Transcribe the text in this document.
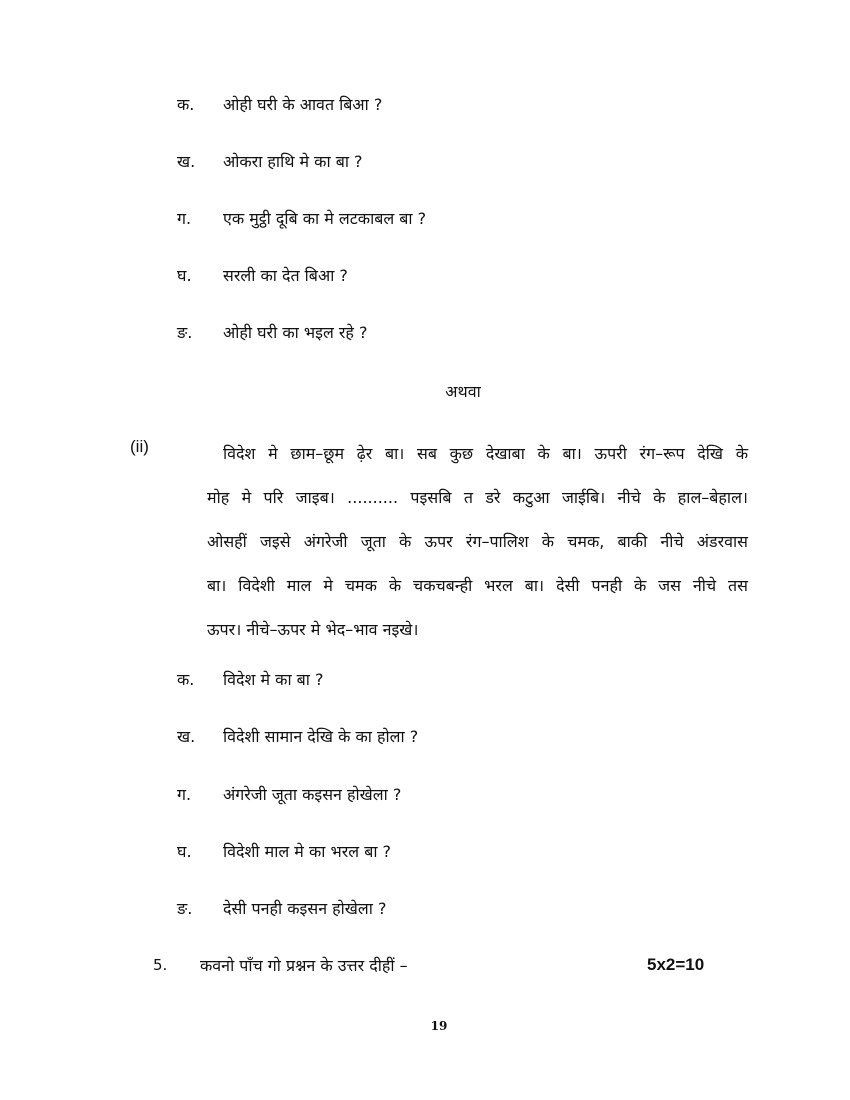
क. ओही घरी के आवत बिआ ?
ख. ओकरा हाथि मे का बा ?
ग. एक मुट्ठी दूबि का मे लटकाबल बा ?
घ. सरली का देत बिआ ?
ङ. ओही घरी का भइल रहे ?
अथवा
(ii)	विदेश मे छाम–छूम ढ़ेर बा। सब कुछ देखाबा के बा। ऊपरी रंग–रूप देखि के
मोह मे परि जाइब। .......... पइसबि त डरे कटुआ जाईबि। नीचे के हाल–बेहाल।
ओसहीं जइसे अंगरेजी जूता के ऊपर रंग–पालिश के चमक, बाकी नीचे अंडरवास
बा। विदेशी माल मे चमक के चकचबन्ही भरल बा। देसी पनही के जस नीचे तस
ऊपर। नीचे–ऊपर मे भेद–भाव नइखे।
क. विदेश मे का बा ?
ख. विदेशी सामान देखि के का होला ?
ग. अंगरेजी जूता कइसन होखेला ?
घ. विदेशी माल मे का भरल बा ?
ङ. देसी पनही कइसन होखेला ?
5. कवनो पाँच गो प्रश्नन के उत्तर दीहीं –	5x2=10
19
